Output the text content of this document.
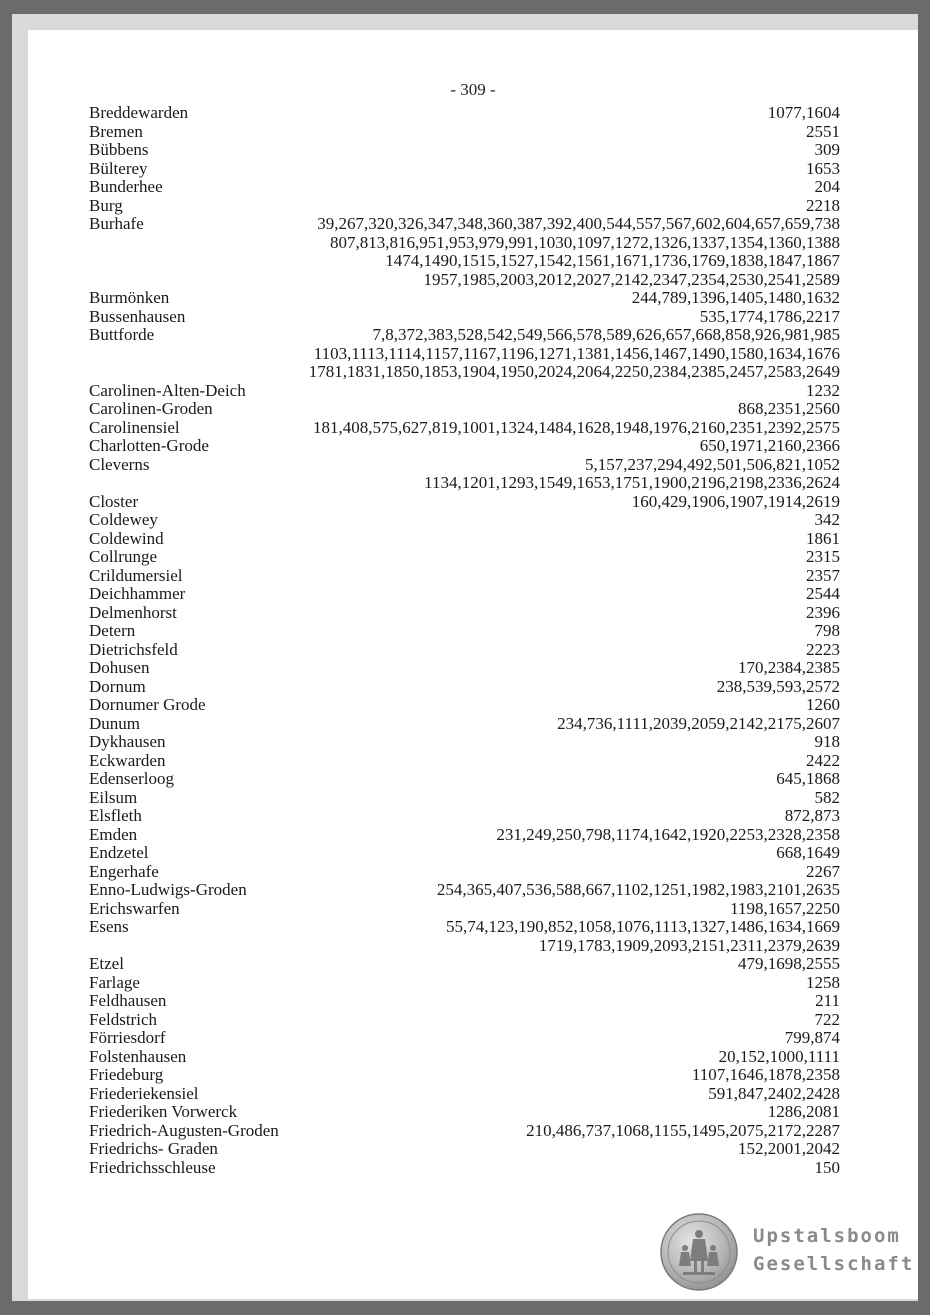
- 309 -
Breddewarden	1077,1604
Bremen	2551
Bübbens	309
Bülterey	1653
Bunderhee	204
Burg	2218
Burhafe	39,267,320,326,347,348,360,387,392,400,544,557,567,602,604,657,659,738
807,813,816,951,953,979,991,1030,1097,1272,1326,1337,1354,1360,1388
1474,1490,1515,1527,1542,1561,1671,1736,1769,1838,1847,1867
1957,1985,2003,2012,2027,2142,2347,2354,2530,2541,2589
Burmönken	244,789,1396,1405,1480,1632
Bussenhausen	535,1774,1786,2217
Buttforde	7,8,372,383,528,542,549,566,578,589,626,657,668,858,926,981,985
1103,1113,1114,1157,1167,1196,1271,1381,1456,1467,1490,1580,1634,1676
1781,1831,1850,1853,1904,1950,2024,2064,2250,2384,2385,2457,2583,2649
Carolinen-Alten-Deich	1232
Carolinen-Groden	868,2351,2560
Carolinensiel	181,408,575,627,819,1001,1324,1484,1628,1948,1976,2160,2351,2392,2575
Charlotten-Grode	650,1971,2160,2366
Cleverns	5,157,237,294,492,501,506,821,1052
1134,1201,1293,1549,1653,1751,1900,2196,2198,2336,2624
Closter	160,429,1906,1907,1914,2619
Coldewey	342
Coldewind	1861
Collrunge	2315
Crildumersiel	2357
Deichhammer	2544
Delmenhorst	2396
Detern	798
Dietrichsfeld	2223
Dohusen	170,2384,2385
Dornum	238,539,593,2572
Dornumer Grode	1260
Dunum	234,736,1111,2039,2059,2142,2175,2607
Dykhausen	918
Eckwarden	2422
Edenserloog	645,1868
Eilsum	582
Elsfleth	872,873
Emden	231,249,250,798,1174,1642,1920,2253,2328,2358
Endzetel	668,1649
Engerhafe	2267
Enno-Ludwigs-Groden	254,365,407,536,588,667,1102,1251,1982,1983,2101,2635
Erichswarfen	1198,1657,2250
Esens	55,74,123,190,852,1058,1076,1113,1327,1486,1634,1669
1719,1783,1909,2093,2151,2311,2379,2639
Etzel	479,1698,2555
Farlage	1258
Feldhausen	211
Feldstrich	722
Förriesdorf	799,874
Folstenhausen	20,152,1000,1111
Friedeburg	1107,1646,1878,2358
Friederiekensiel	591,847,2402,2428
Friederiken Vorwerck	1286,2081
Friedrich-Augusten-Groden	210,486,737,1068,1155,1495,2075,2172,2287
Friedrichs- Graden	152,2001,2042
Friedrichsschleuse	150
Upstalsboom
Gesellschaft
